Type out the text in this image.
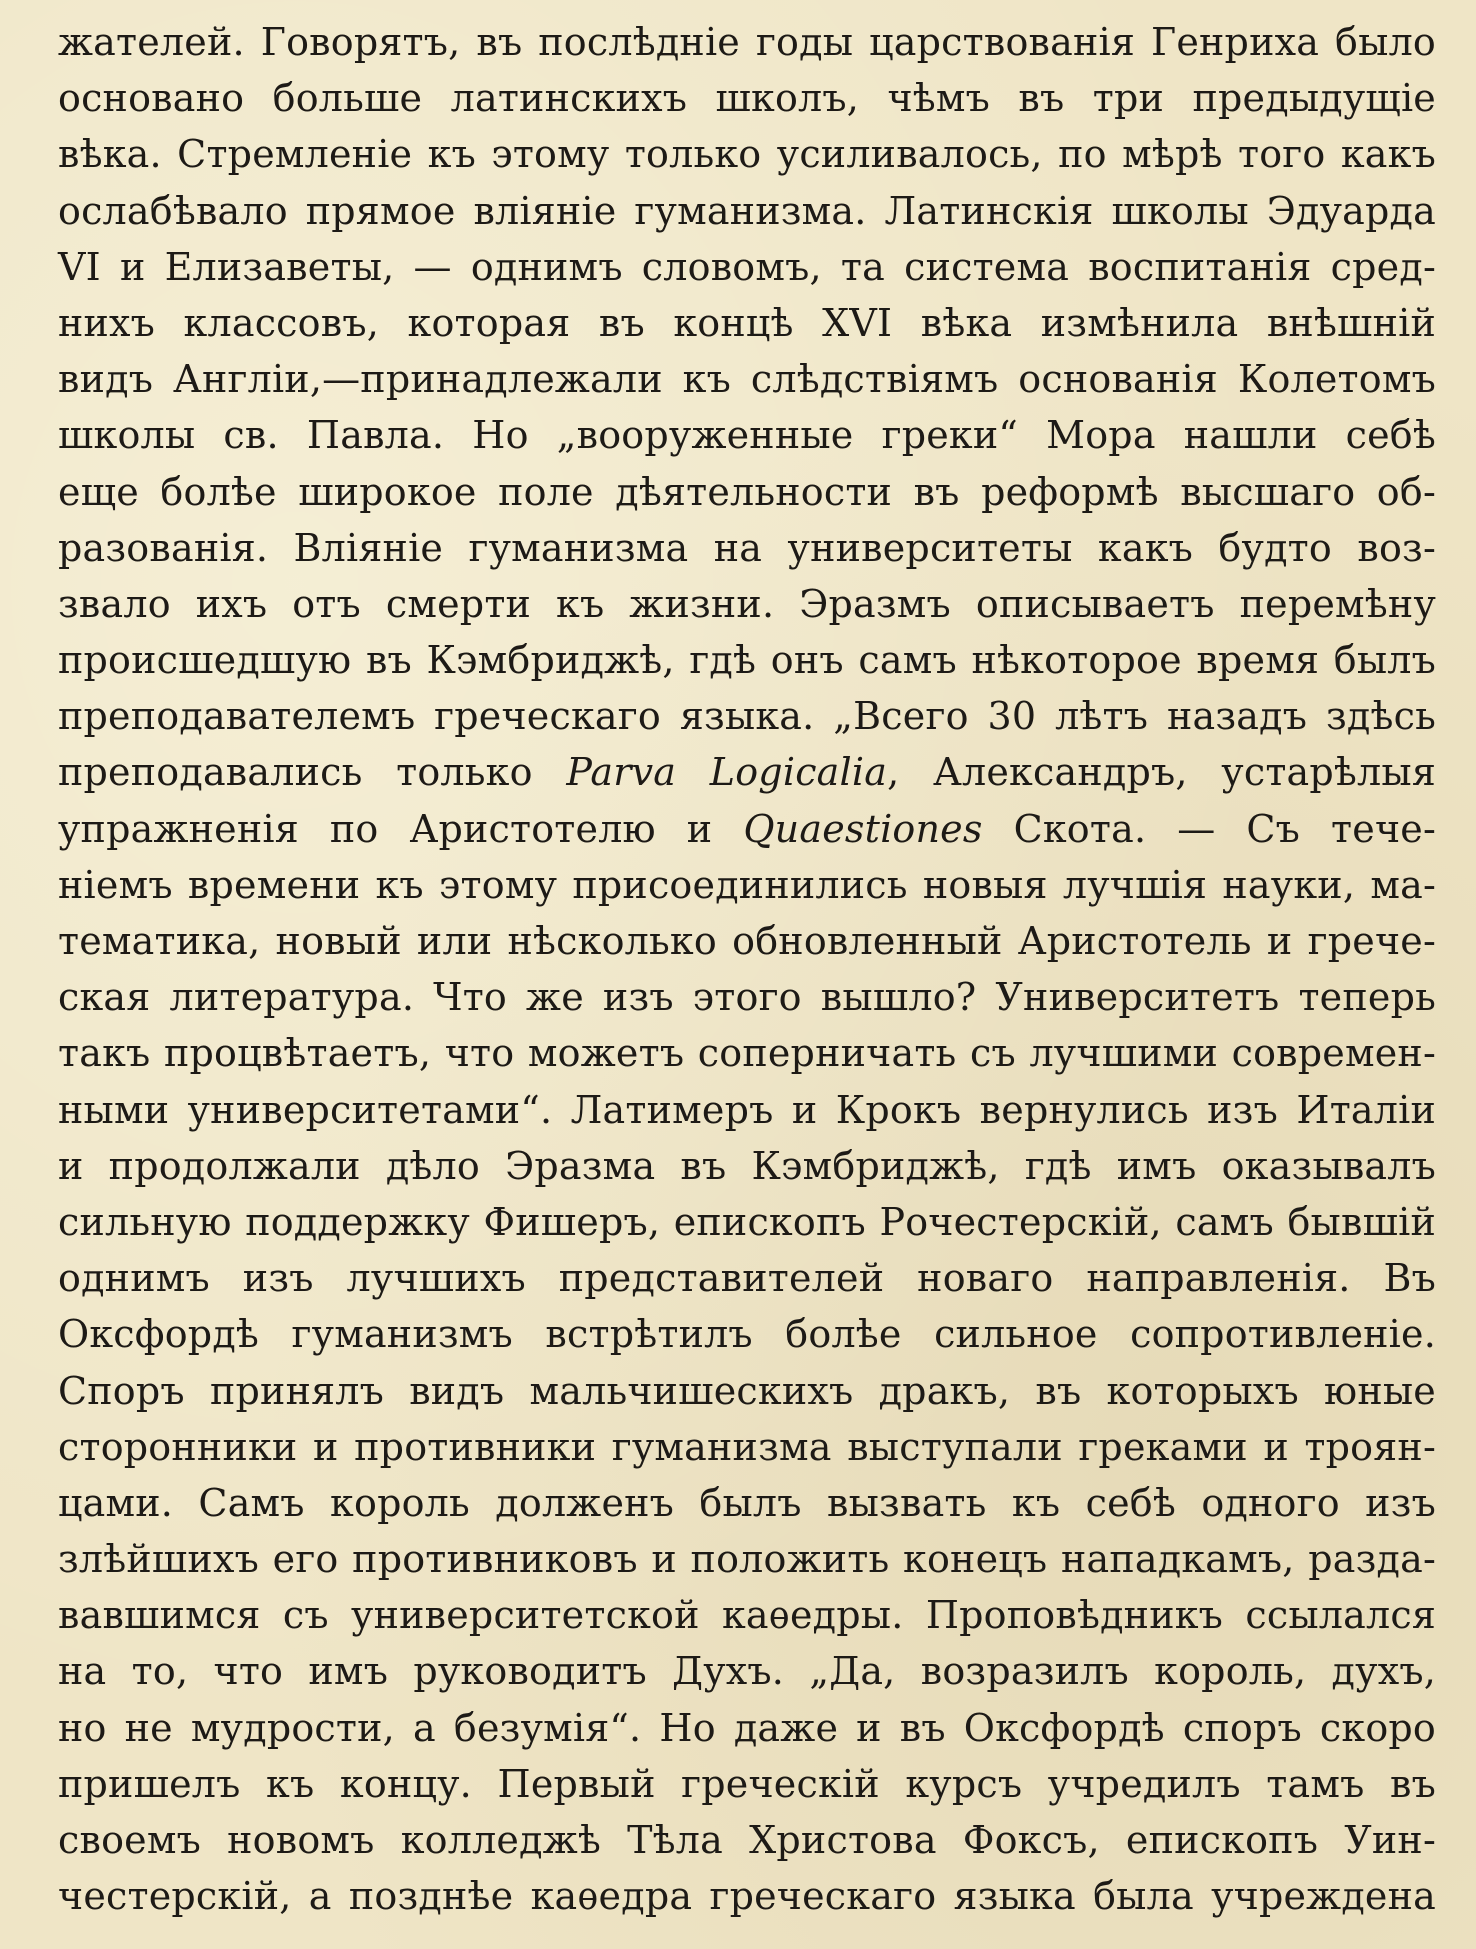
жателей. Говорятъ, въ послѣдніе годы царствованія Генриха было
основано больше латинскихъ школъ, чѣмъ въ три предыдущіе
вѣка. Стремленіе къ этому только усиливалось, по мѣрѣ того какъ
ослабѣвало прямое вліяніе гуманизма. Латинскія школы Эдуарда
VI и Елизаветы, — однимъ словомъ, та система воспитанія сред-
нихъ классовъ, которая въ концѣ XVI вѣка измѣнила внѣшній
видъ Англіи,—принадлежали къ слѣдствіямъ основанія Колетомъ
школы св. Павла. Но „вооруженные греки“ Мора нашли себѣ
еще болѣе широкое поле дѣятельности въ реформѣ высшаго об-
разованія. Вліяніе гуманизма на университеты какъ будто воз-
звало ихъ отъ смерти къ жизни. Эразмъ описываетъ перемѣну
происшедшую въ Кэмбриджѣ, гдѣ онъ самъ нѣкоторое время былъ
преподавателемъ греческаго языка. „Всего 30 лѣтъ назадъ здѣсь
преподавались только Parva Logicalia, Александръ, устарѣлыя
упражненія по Аристотелю и Quaestiones Скота. — Съ тече-
ніемъ времени къ этому присоединились новыя лучшія науки, ма-
тематика, новый или нѣсколько обновленный Аристотель и грече-
ская литература. Что же изъ этого вышло? Университетъ теперь
такъ процвѣтаетъ, что можетъ соперничать съ лучшими современ-
ными университетами“. Латимеръ и Крокъ вернулись изъ Италіи
и продолжали дѣло Эразма въ Кэмбриджѣ, гдѣ имъ оказывалъ
сильную поддержку Фишеръ, епископъ Рочестерскій, самъ бывшій
однимъ изъ лучшихъ представителей новаго направленія. Въ
Оксфордѣ гуманизмъ встрѣтилъ болѣе сильное сопротивленіе.
Споръ принялъ видъ мальчишескихъ дракъ, въ которыхъ юные
сторонники и противники гуманизма выступали греками и троян-
цами. Самъ король долженъ былъ вызвать къ себѣ одного изъ
злѣйшихъ его противниковъ и положить конецъ нападкамъ, разда-
вавшимся съ университетской каѳедры. Проповѣдникъ ссылался
на то, что имъ руководитъ Духъ. „Да, возразилъ король, духъ,
но не мудрости, а безумія“. Но даже и въ Оксфордѣ споръ скоро
пришелъ къ концу. Первый греческій курсъ учредилъ тамъ въ
своемъ новомъ колледжѣ Тѣла Христова Фоксъ, епископъ Уин-
честерскій, а позднѣе каѳедра греческаго языка была учреждена
